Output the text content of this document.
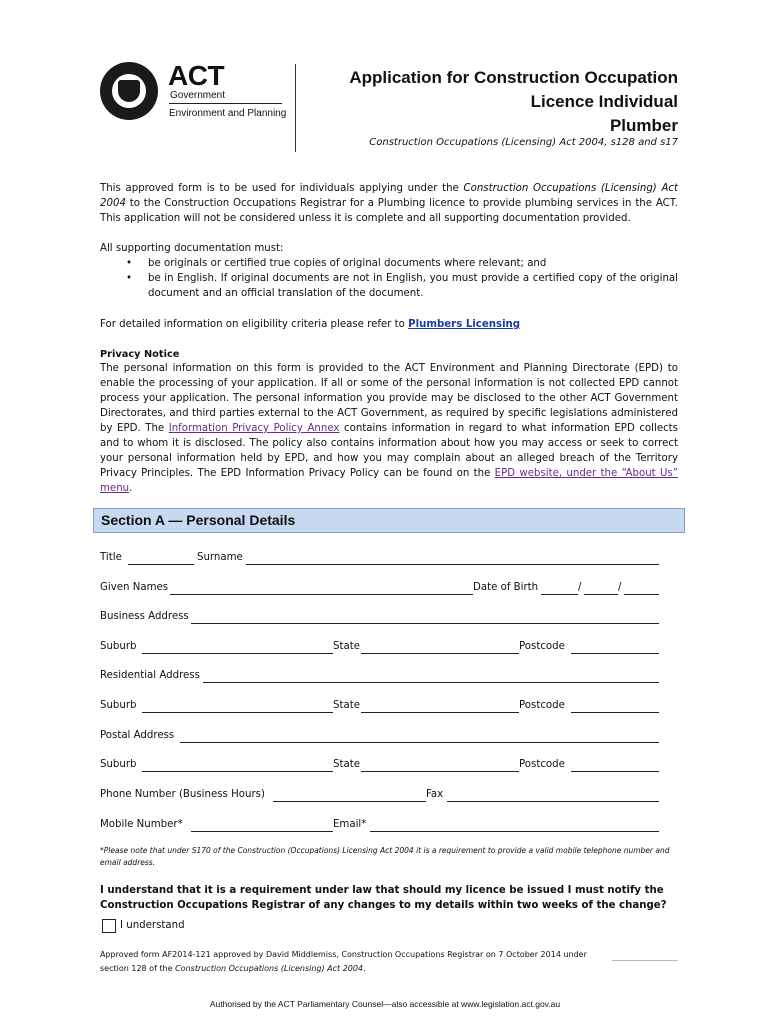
ACT
Government
Environment and Planning
Application for Construction Occupation
Licence Individual
Plumber
Construction Occupations (Licensing) Act 2004, s128 and s17
This approved form is to be used for individuals applying under the Construction Occupations (Licensing) Act 2004 to the Construction Occupations Registrar for a Plumbing licence to provide plumbing services in the ACT. This application will not be considered unless it is complete and all supporting documentation provided.
All supporting documentation must:
• be originals or certified true copies of original documents where relevant; and
• be in English. If original documents are not in English, you must provide a certified copy of the original document and an official translation of the document.
For detailed information on eligibility criteria please refer to Plumbers Licensing
Privacy Notice
The personal information on this form is provided to the ACT Environment and Planning Directorate (EPD) to enable the processing of your application. If all or some of the personal information is not collected EPD cannot process your application. The personal information you provide may be disclosed to the other ACT Government Directorates, and third parties external to the ACT Government, as required by specific legislations administered by EPD. The Information Privacy Policy Annex contains information in regard to what information EPD collects and to whom it is disclosed. The policy also contains information about how you may access or seek to correct your personal information held by EPD, and how you may complain about an alleged breach of the Territory Privacy Principles. The EPD Information Privacy Policy can be found on the EPD website, under the “About Us” menu.
Section A — Personal Details
Title	Surname
Given Names	Date of Birth	/	/
Business Address
Suburb	State	Postcode
Residential Address
Suburb	State	Postcode
Postal Address
Suburb	State	Postcode
Phone Number (Business Hours)	Fax
Mobile Number*	Email*
*Please note that under S170 of the Construction (Occupations) Licensing Act 2004 it is a requirement to provide a valid mobile telephone number and email address.
I understand that it is a requirement under law that should my licence be issued I must notify the Construction Occupations Registrar of any changes to my details within two weeks of the change?
I understand
Approved form AF2014-121 approved by David Middlemiss, Construction Occupations Registrar on 7 October 2014 under
section 128 of the Construction Occupations (Licensing) Act 2004.
Authorised by the ACT Parliamentary Counsel—also accessible at www.legislation.act.gov.au
